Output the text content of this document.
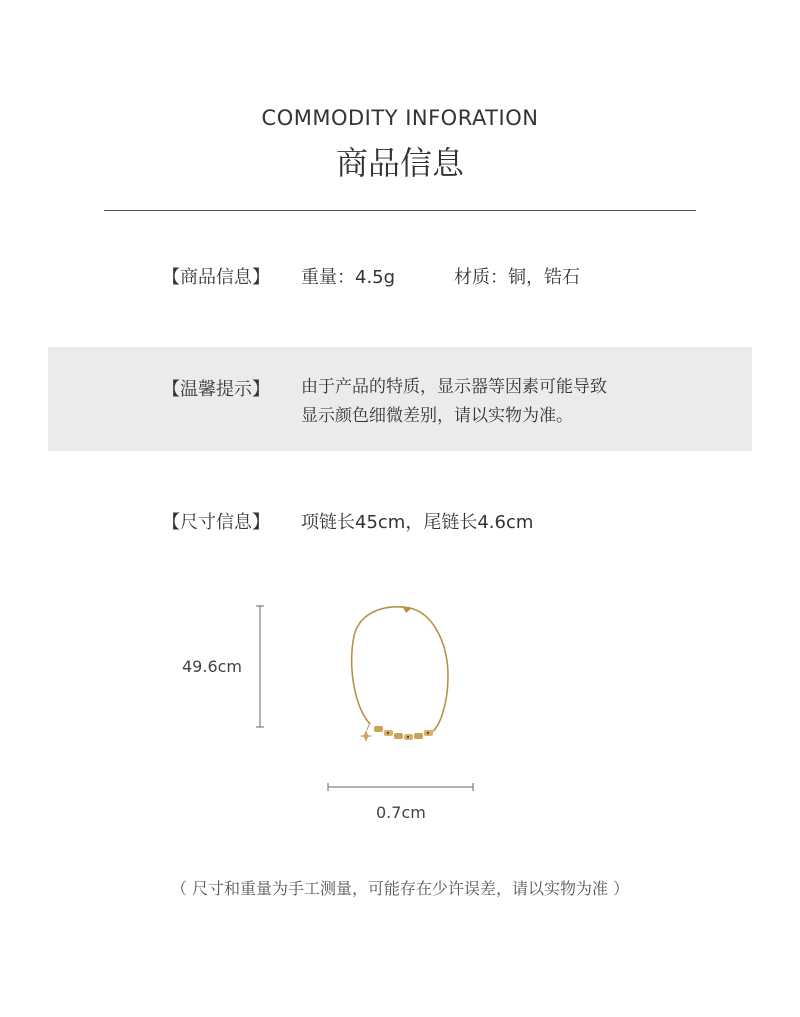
COMMODITY INFORATION
商品信息
【商品信息】 重量：4.5g	材质：铜，锆石
【温馨提示】 由于产品的特质，显示器等因素可能导致
显示颜色细微差别，请以实物为准。
【尺寸信息】 项链长45cm，尾链长4.6cm
49.6cm
0.7cm
（ 尺寸和重量为手工测量，可能存在少许误差，请以实物为准 ）
